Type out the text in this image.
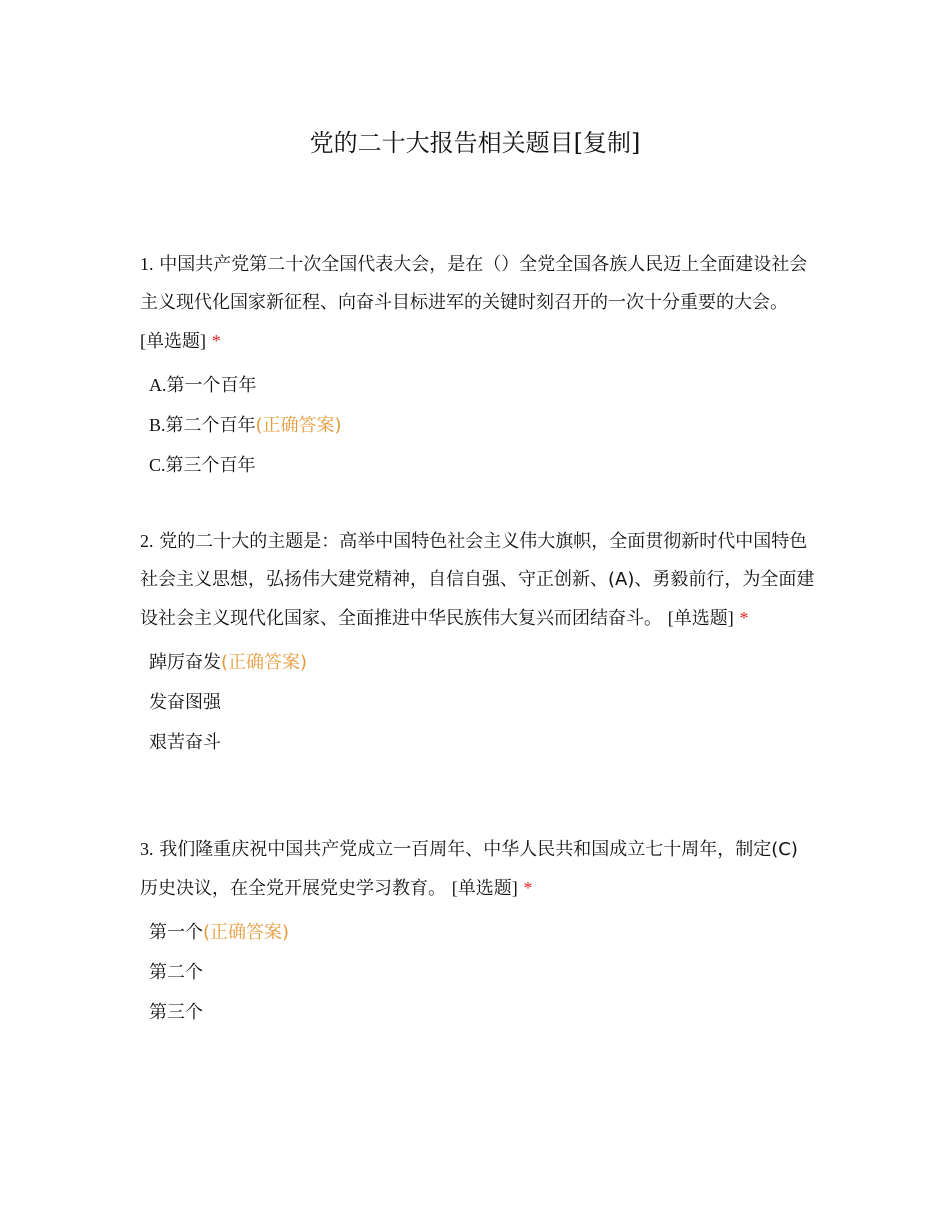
党的二十大报告相关题目[复制]

1. 中国共产党第二十次全国代表大会，是在（）全党全国各族人民迈上全面建设社会主义现代化国家新征程、向奋斗目标进军的关键时刻召开的一次十分重要的大会。 [单选题] *

A.第一个百年
B.第二个百年(正确答案)
C.第三个百年

2. 党的二十大的主题是：高举中国特色社会主义伟大旗帜，全面贯彻新时代中国特色社会主义思想，弘扬伟大建党精神，自信自强、守正创新、(A)、勇毅前行，为全面建设社会主义现代化国家、全面推进中华民族伟大复兴而团结奋斗。 [单选题] *

踔厉奋发(正确答案)
发奋图强
艰苦奋斗

3. 我们隆重庆祝中国共产党成立一百周年、中华人民共和国成立七十周年，制定(C)历史决议，在全党开展党史学习教育。 [单选题] *

第一个(正确答案)
第二个
第三个
